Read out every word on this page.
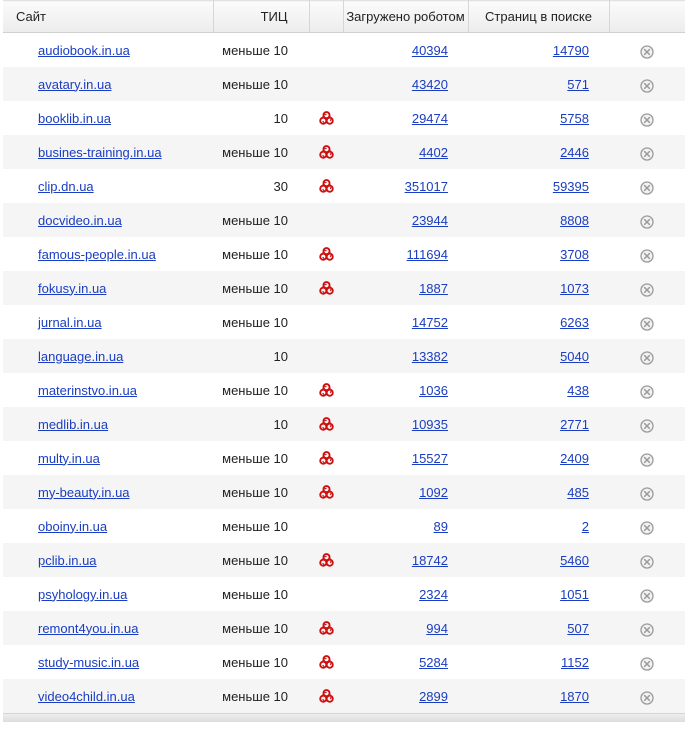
Сайт	ТИЦ		Загружено роботом	Страниц в поиске	
audiobook.in.ua	меньше 10		40394	14790	
avatary.in.ua	меньше 10		43420	571	
booklib.in.ua	10		29474	5758	
busines-training.in.ua	меньше 10		4402	2446	
clip.dn.ua	30		351017	59395	
docvideo.in.ua	меньше 10		23944	8808	
famous-people.in.ua	меньше 10		111694	3708	
fokusy.in.ua	меньше 10		1887	1073	
jurnal.in.ua	меньше 10		14752	6263	
language.in.ua	10		13382	5040	
materinstvo.in.ua	меньше 10		1036	438	
medlib.in.ua	10		10935	2771	
multy.in.ua	меньше 10		15527	2409	
my-beauty.in.ua	меньше 10		1092	485	
oboiny.in.ua	меньше 10		89	2	
pclib.in.ua	меньше 10		18742	5460	
psyhology.in.ua	меньше 10		2324	1051	
remont4you.in.ua	меньше 10		994	507	
study-music.in.ua	меньше 10		5284	1152	
video4child.in.ua	меньше 10		2899	1870	
